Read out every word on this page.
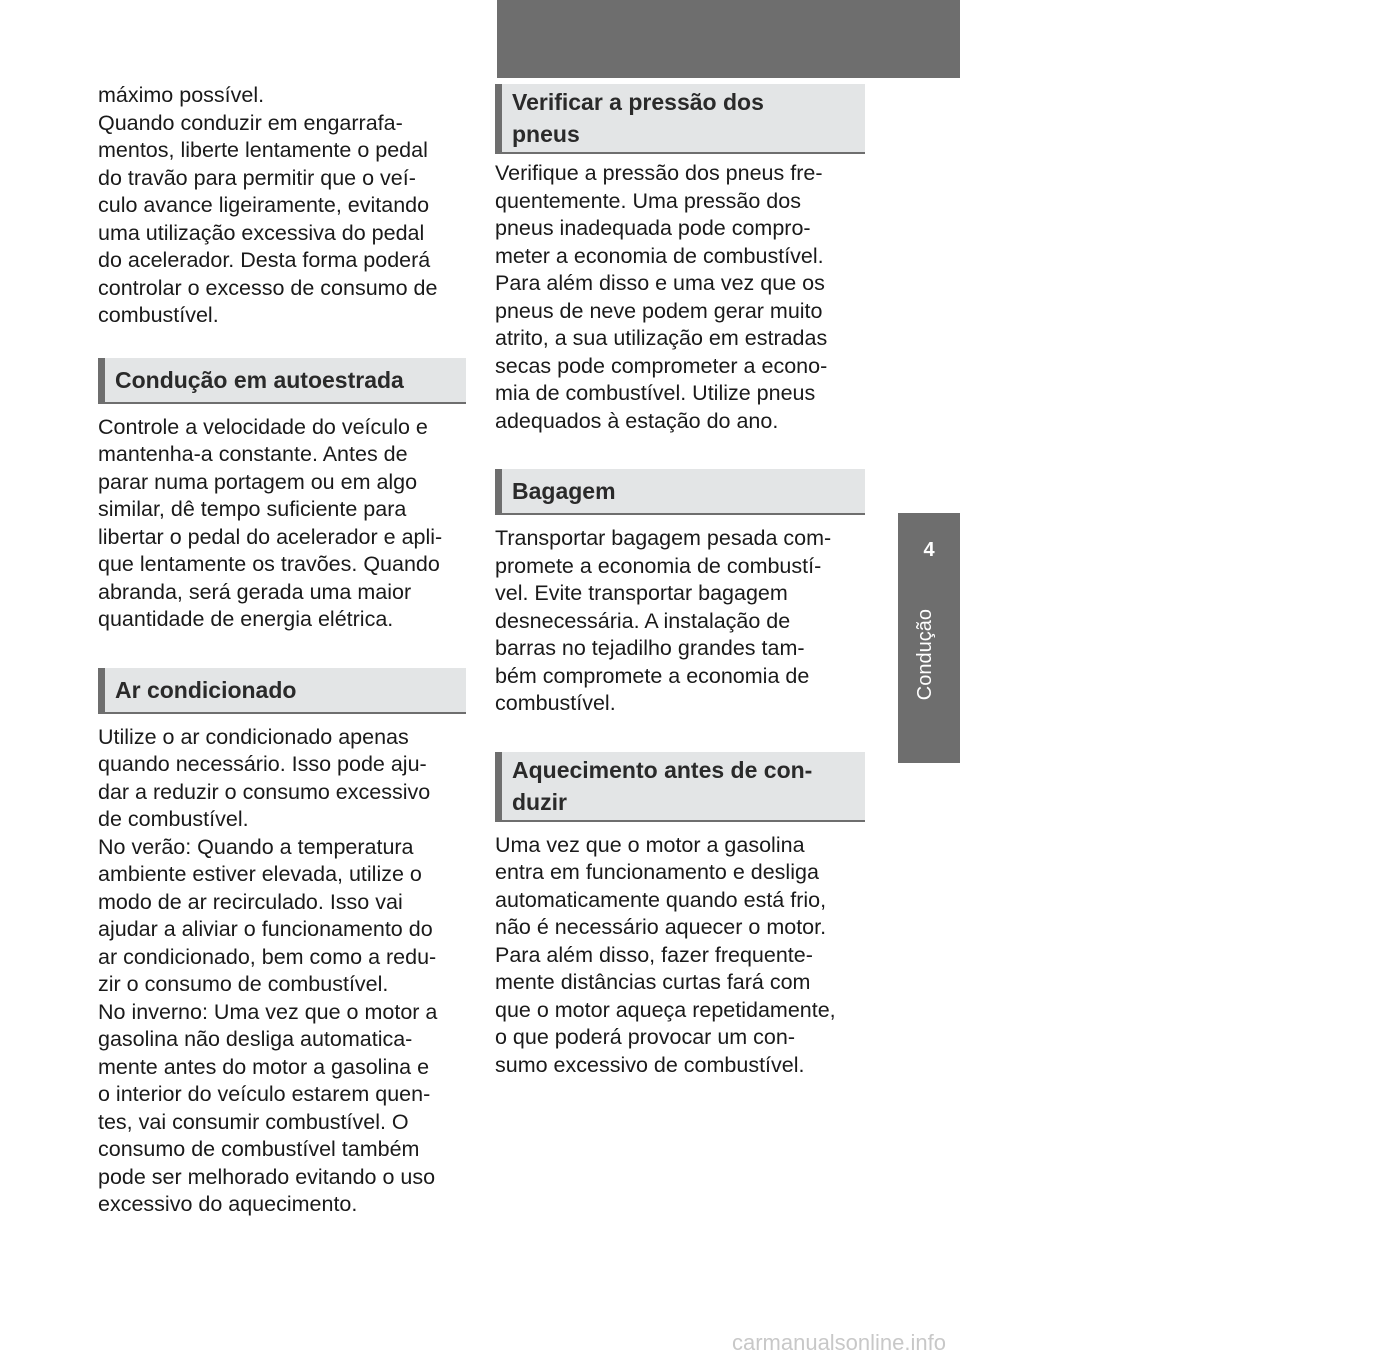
4-6. Sugestões de condução
433
4
Condução

máximo possível.
Quando conduzir em engarrafa-
mentos, liberte lentamente o pedal
do travão para permitir que o veí-
culo avance ligeiramente, evitando
uma utilização excessiva do pedal
do acelerador. Desta forma poderá
controlar o excesso de consumo de
combustível.

Condução em autoestrada

Controle a velocidade do veículo e
mantenha-a constante. Antes de
parar numa portagem ou em algo
similar, dê tempo suficiente para
libertar o pedal do acelerador e apli-
que lentamente os travões. Quando
abranda, será gerada uma maior
quantidade de energia elétrica.

Ar condicionado

Utilize o ar condicionado apenas
quando necessário. Isso pode aju-
dar a reduzir o consumo excessivo
de combustível.
No verão: Quando a temperatura
ambiente estiver elevada, utilize o
modo de ar recirculado. Isso vai
ajudar a aliviar o funcionamento do
ar condicionado, bem como a redu-
zir o consumo de combustível.
No inverno: Uma vez que o motor a
gasolina não desliga automatica-
mente antes do motor a gasolina e
o interior do veículo estarem quen-
tes, vai consumir combustível. O
consumo de combustível também
pode ser melhorado evitando o uso
excessivo do aquecimento.

Verificar a pressão dos
pneus

Verifique a pressão dos pneus fre-
quentemente. Uma pressão dos
pneus inadequada pode compro-
meter a economia de combustível.
Para além disso e uma vez que os
pneus de neve podem gerar muito
atrito, a sua utilização em estradas
secas pode comprometer a econo-
mia de combustível. Utilize pneus
adequados à estação do ano.

Bagagem

Transportar bagagem pesada com-
promete a economia de combustí-
vel. Evite transportar bagagem
desnecessária. A instalação de
barras no tejadilho grandes tam-
bém compromete a economia de
combustível.

Aquecimento antes de con-
duzir

Uma vez que o motor a gasolina
entra em funcionamento e desliga
automaticamente quando está frio,
não é necessário aquecer o motor.
Para além disso, fazer frequente-
mente distâncias curtas fará com
que o motor aqueça repetidamente,
o que poderá provocar um con-
sumo excessivo de combustível.

carmanualsonline.info
